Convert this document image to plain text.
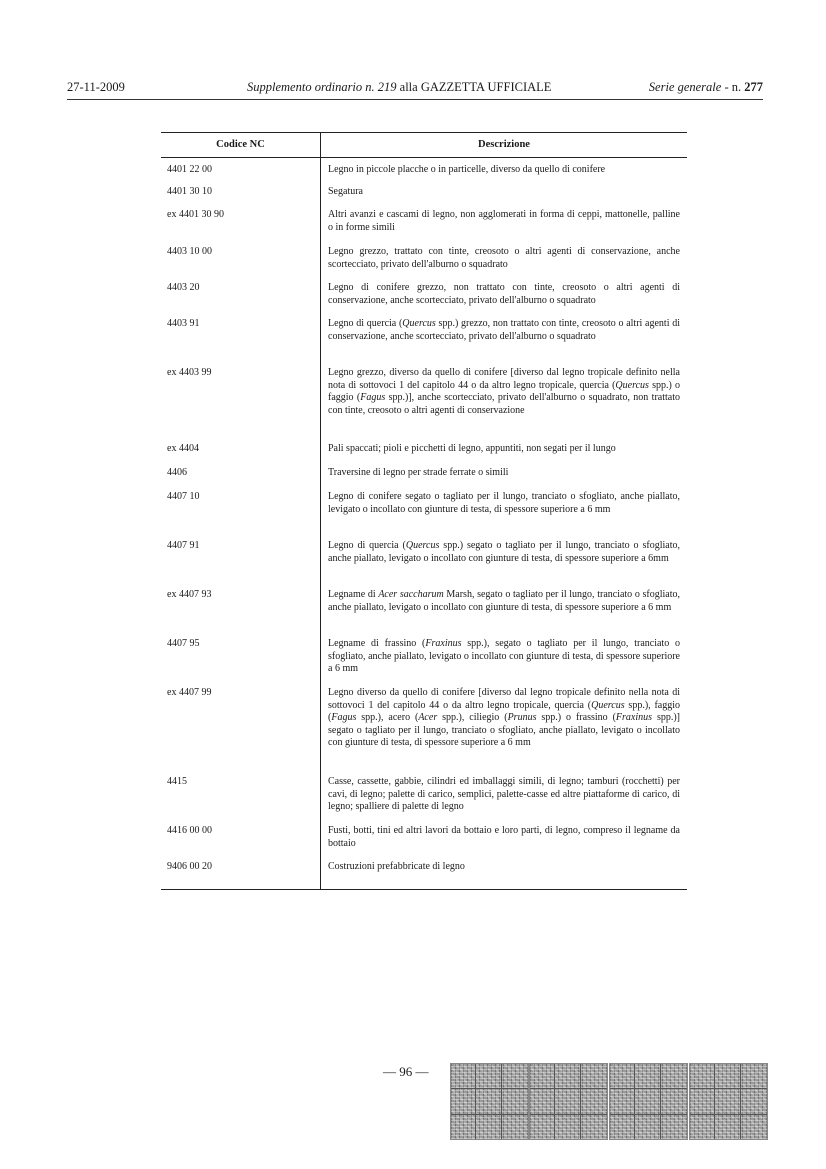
27-11-2009	Supplemento ordinario n. 219 alla GAZZETTA UFFICIALE	Serie generale - n. 277
Codice NC	Descrizione
4401 22 00	Legno in piccole placche o in particelle, diverso da quello di conifere
4401 30 10	Segatura
ex 4401 30 90	Altri avanzi e cascami di legno, non agglomerati in forma di ceppi, mattonelle, palline o in forme simili
4403 10 00	Legno grezzo, trattato con tinte, creosoto o altri agenti di conservazione, anche scortecciato, privato dell'alburno o squadrato
4403 20	Legno di conifere grezzo, non trattato con tinte, creosoto o altri agenti di conservazione, anche scortecciato, privato dell'alburno o squadrato
4403 91	Legno di quercia (Quercus spp.) grezzo, non trattato con tinte, creosoto o altri agenti di conservazione, anche scortecciato, privato dell'alburno o squadrato
ex 4403 99	Legno grezzo, diverso da quello di conifere [diverso dal legno tropicale definito nella nota di sottovoci 1 del capitolo 44 o da altro legno tropicale, quercia (Quercus spp.) o faggio (Fagus spp.)], anche scortecciato, privato dell'alburno o squadrato, non trattato con tinte, creosoto o altri agenti di conservazione
ex 4404	Pali spaccati; pioli e picchetti di legno, appuntiti, non segati per il lungo
4406	Traversine di legno per strade ferrate o simili
4407 10	Legno di conifere segato o tagliato per il lungo, tranciato o sfogliato, anche piallato, levigato o incollato con giunture di testa, di spessore superiore a 6 mm
4407 91	Legno di quercia (Quercus spp.) segato o tagliato per il lungo, tranciato o sfogliato, anche piallato, levigato o incollato con giunture di testa, di spessore superiore a 6mm
ex 4407 93	Legname di Acer saccharum Marsh, segato o tagliato per il lungo, tranciato o sfogliato, anche piallato, levigato o incollato con giunture di testa, di spessore superiore a 6 mm
4407 95	Legname di frassino (Fraxinus spp.), segato o tagliato per il lungo, tranciato o sfogliato, anche piallato, levigato o incollato con giunture di testa, di spessore superiore a 6 mm
ex 4407 99	Legno diverso da quello di conifere [diverso dal legno tropicale definito nella nota di sottovoci 1 del capitolo 44 o da altro legno tropicale, quercia (Quercus spp.), faggio (Fagus spp.), acero (Acer spp.), ciliegio (Prunus spp.) o frassino (Fraxinus spp.)] segato o tagliato per il lungo, tranciato o sfogliato, anche piallato, levigato o incollato con giunture di testa, di spessore superiore a 6 mm
4415	Casse, cassette, gabbie, cilindri ed imballaggi simili, di legno; tamburi (rocchetti) per cavi, di legno; palette di carico, semplici, palette-casse ed altre piattaforme di carico, di legno; spalliere di palette di legno
4416 00 00	Fusti, botti, tini ed altri lavori da bottaio e loro parti, di legno, compreso il legname da bottaio
9406 00 20	Costruzioni prefabbricate di legno
— 96 —
